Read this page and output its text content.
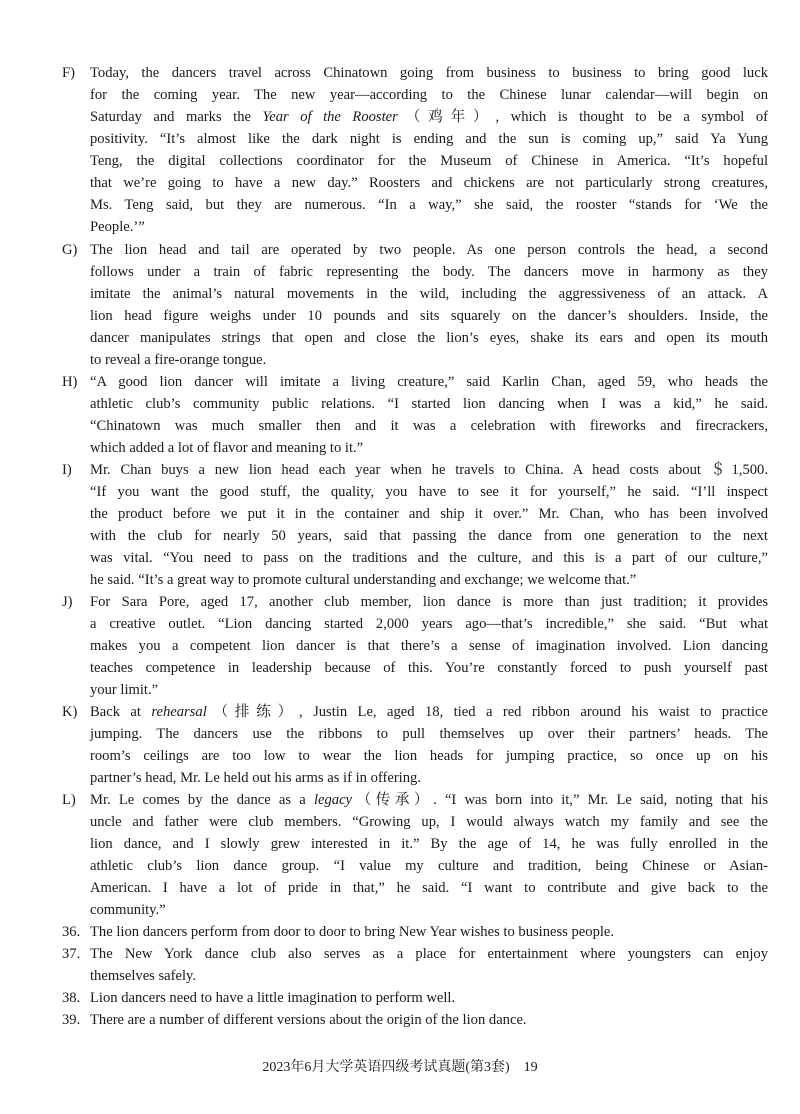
F) Today, the dancers travel across Chinatown going from business to business to bring good luck
for the coming year. The new year—according to the Chinese lunar calendar—will begin on
Saturday and marks the Year of the Rooster（鸡年）, which is thought to be a symbol of
positivity. “It’s almost like the dark night is ending and the sun is coming up,” said Ya Yung
Teng, the digital collections coordinator for the Museum of Chinese in America. “It’s hopeful
that we’re going to have a new day.” Roosters and chickens are not particularly strong creatures,
Ms. Teng said, but they are numerous. “In a way,” she said, the rooster “stands for ‘We the
People.’”
G) The lion head and tail are operated by two people. As one person controls the head, a second
follows under a train of fabric representing the body. The dancers move in harmony as they
imitate the animal’s natural movements in the wild, including the aggressiveness of an attack. A
lion head figure weighs under 10 pounds and sits squarely on the dancer’s shoulders. Inside, the
dancer manipulates strings that open and close the lion’s eyes, shake its ears and open its mouth
to reveal a fire-orange tongue.
H) “A good lion dancer will imitate a living creature,” said Karlin Chan, aged 59, who heads the
athletic club’s community public relations. “I started lion dancing when I was a kid,” he said.
“Chinatown was much smaller then and it was a celebration with fireworks and firecrackers,
which added a lot of flavor and meaning to it.”
I) Mr. Chan buys a new lion head each year when he travels to China. A head costs about ＄1,500.
“If you want the good stuff, the quality, you have to see it for yourself,” he said. “I’ll inspect
the product before we put it in the container and ship it over.” Mr. Chan, who has been involved
with the club for nearly 50 years, said that passing the dance from one generation to the next
was vital. “You need to pass on the traditions and the culture, and this is a part of our culture,”
he said. “It’s a great way to promote cultural understanding and exchange; we welcome that.”
J) For Sara Pore, aged 17, another club member, lion dance is more than just tradition; it provides
a creative outlet. “Lion dancing started 2,000 years ago—that’s incredible,” she said. “But what
makes you a competent lion dancer is that there’s a sense of imagination involved. Lion dancing
teaches competence in leadership because of this. You’re constantly forced to push yourself past
your limit.”
K) Back at rehearsal（排练）, Justin Le, aged 18, tied a red ribbon around his waist to practice
jumping. The dancers use the ribbons to pull themselves up over their partners’ heads. The
room’s ceilings are too low to wear the lion heads for jumping practice, so once up on his
partner’s head, Mr. Le held out his arms as if in offering.
L) Mr. Le comes by the dance as a legacy（传承）. “I was born into it,” Mr. Le said, noting that his
uncle and father were club members. “Growing up, I would always watch my family and see the
lion dance, and I slowly grew interested in it.” By the age of 14, he was fully enrolled in the
athletic club’s lion dance group. “I value my culture and tradition, being Chinese or Asian-
American. I have a lot of pride in that,” he said. “I want to contribute and give back to the
community.”
36. The lion dancers perform from door to door to bring New Year wishes to business people.
37. The New York dance club also serves as a place for entertainment where youngsters can enjoy
themselves safely.
38. Lion dancers need to have a little imagination to perform well.
39. There are a number of different versions about the origin of the lion dance.
2023年6月大学英语四级考试真题(第3套) 19
